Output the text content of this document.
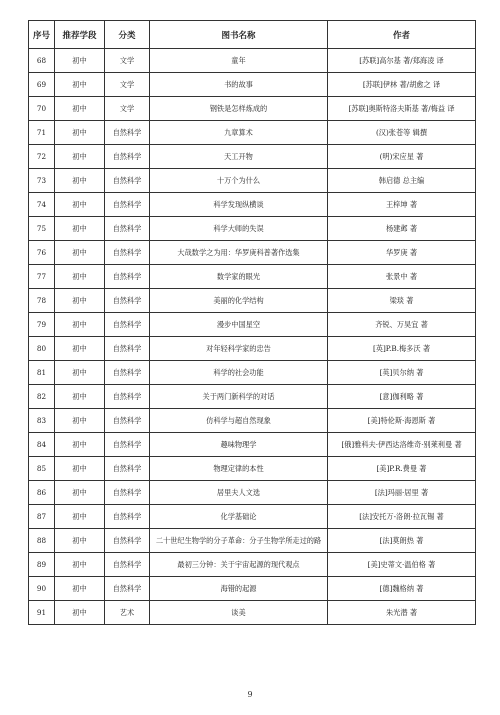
序号	推荐学段	分类	图书名称	作者
68	初中	文学	童年	[苏联]高尔基 著/郑海凌 译
69	初中	文学	书的故事	[苏联]伊林 著/胡愈之 译
70	初中	文学	钢铁是怎样炼成的	[苏联]奥斯特洛夫斯基 著/梅益 译
71	初中	自然科学	九章算术	(汉)张苍等 辑撰
72	初中	自然科学	天工开物	(明)宋应星 著
73	初中	自然科学	十万个为什么	韩启德 总主编
74	初中	自然科学	科学发现纵横谈	王梓坤 著
75	初中	自然科学	科学大师的失误	杨建邺 著
76	初中	自然科学	大哉数学之为用：华罗庚科普著作选集	华罗庚 著
77	初中	自然科学	数学家的眼光	张景中 著
78	初中	自然科学	美丽的化学结构	梁琰 著
79	初中	自然科学	漫步中国星空	齐锐、万昊宜 著
80	初中	自然科学	对年轻科学家的忠告	[英]P.B.梅多沃 著
81	初中	自然科学	科学的社会功能	[英]贝尔纳 著
82	初中	自然科学	关于两门新科学的对话	[意]伽利略 著
83	初中	自然科学	仿科学与超自然现象	[美]特伦斯·海恩斯 著
84	初中	自然科学	趣味物理学	[俄]雅科夫·伊西达洛维奇·别莱利曼 著
85	初中	自然科学	物理定律的本性	[美]P.R.费曼 著
86	初中	自然科学	居里夫人文选	[法]玛丽·居里 著
87	初中	自然科学	化学基础论	[法]安托万-洛朗·拉瓦锡 著
88	初中	自然科学	二十世纪生物学的分子革命：分子生物学所走过的路	[法]莫朗热 著
89	初中	自然科学	最初三分钟：关于宇宙起源的现代观点	[美]史蒂文·温伯格 著
90	初中	自然科学	海错的起源	[德]魏格纳 著
91	初中	艺术	谈美	朱光潜 著
9
